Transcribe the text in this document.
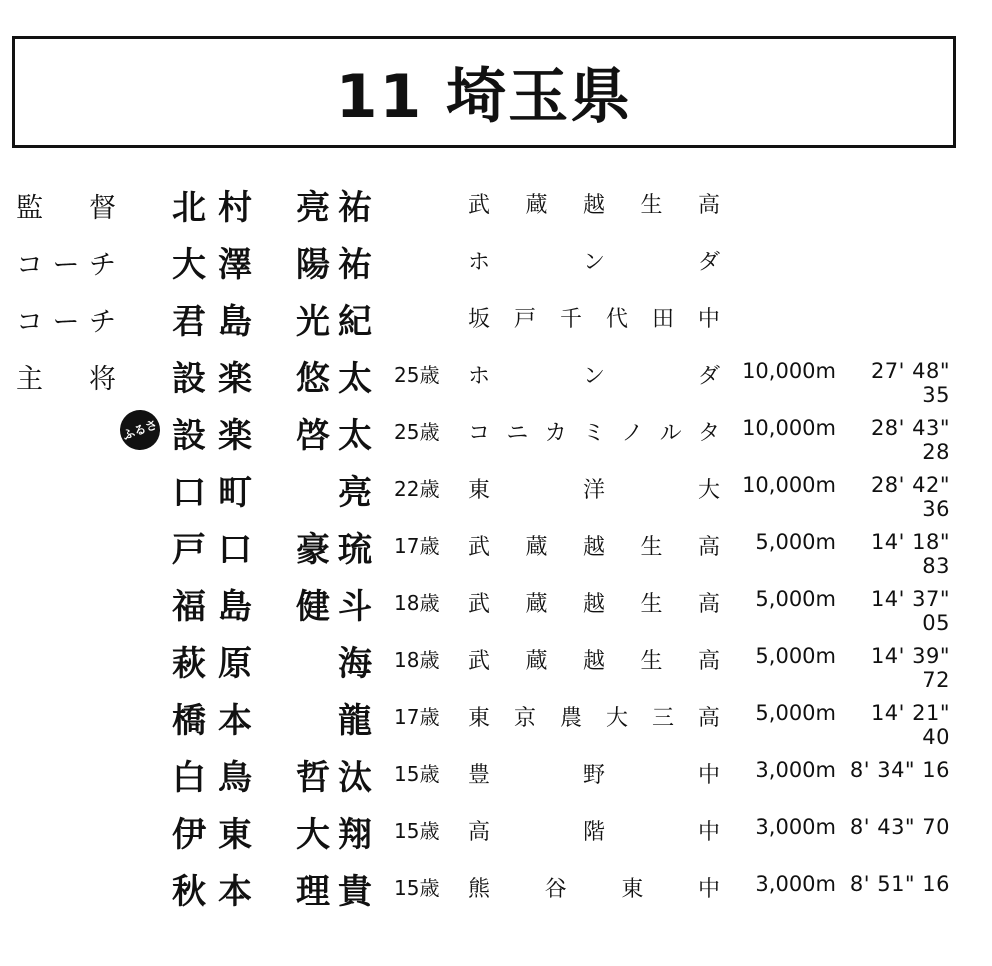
11 埼玉県
監 督 北 村 亮 祐	武 蔵 越 生 高
コ ー チ 大 澤 陽 祐	ホ	ン	ダ
コ ー チ 君 島 光 紀	坂 戸 千 代 田 中
主 将 設 楽 悠 太 25歳 ホ	ン	ダ 10,000m	27' 48" 35
ふるさと
設 楽 啓 太 25歳 コ ニ カ ミ ノ ル タ 10,000m	28' 43" 28
口 町	亮 22歳 東	洋	大 10,000m	28' 42" 36
戸 口 豪 琉 17歳 武 蔵 越 生 高	5,000m	14' 18" 83
福 島 健 斗 18歳 武 蔵 越 生 高	5,000m	14' 37" 05
萩 原	海 18歳 武 蔵 越 生 高	5,000m	14' 39" 72
橋 本	龍 17歳 東 京 農 大 三 高	5,000m	14' 21" 40
白 鳥 哲 汰 15歳 豊	野	中	3,000m 8' 34" 16
伊 東 大 翔 15歳 高	階	中	3,000m 8' 43" 70
秋 本 理 貴 15歳 熊 谷 東 中	3,000m 8' 51" 16
